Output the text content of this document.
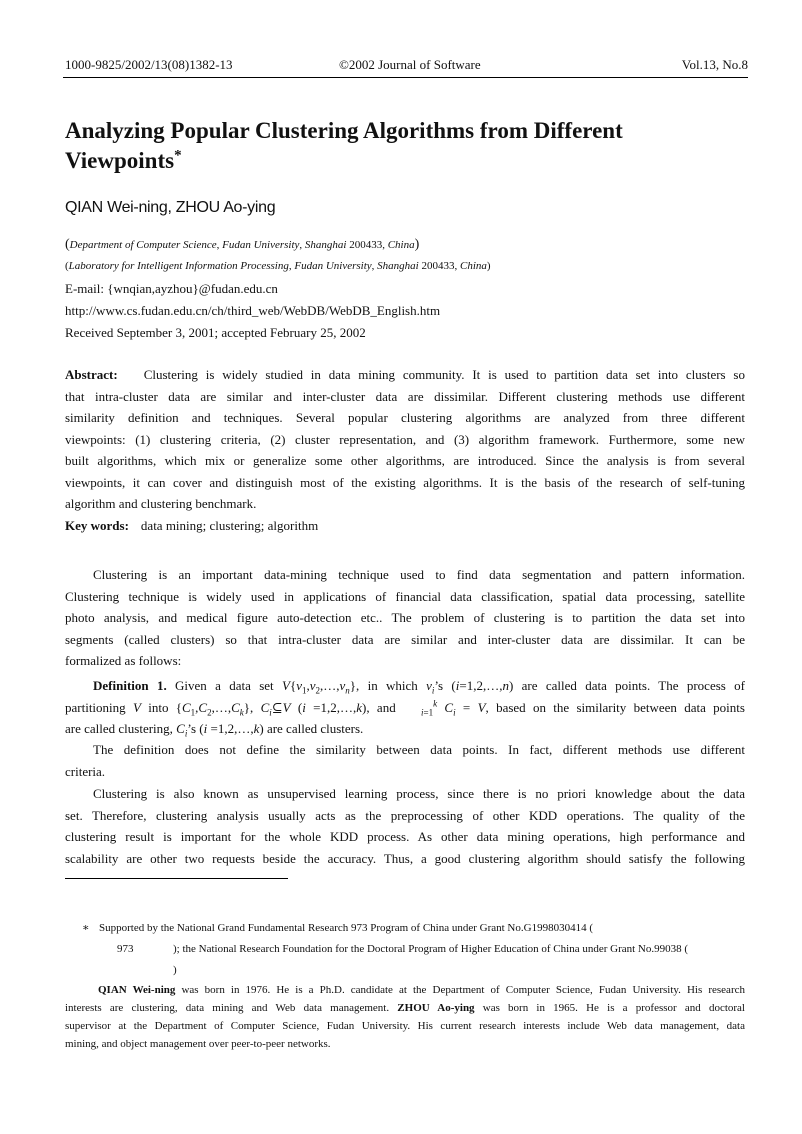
1000-9825/2002/13(08)1382-13	©2002 Journal of Software	Vol.13, No.8
Analyzing Popular Clustering Algorithms from Different
Viewpoints*
QIAN Wei-ning, ZHOU Ao-ying
(Department of Computer Science, Fudan University, Shanghai 200433, China)
(Laboratory for Intelligent Information Processing, Fudan University, Shanghai 200433, China)
E-mail: {wnqian,ayzhou}@fudan.edu.cn
http://www.cs.fudan.edu.cn/ch/third_web/WebDB/WebDB_English.htm
Received September 3, 2001; accepted February 25, 2002
Abstract: Clustering is widely studied in data mining community. It is used to partition data set into clusters so
that intra-cluster data are similar and inter-cluster data are dissimilar. Different clustering methods use different
similarity definition and techniques. Several popular clustering algorithms are analyzed from three different
viewpoints: (1) clustering criteria, (2) cluster representation, and (3) algorithm framework. Furthermore, some new
built algorithms, which mix or generalize some other algorithms, are introduced. Since the analysis is from several
viewpoints, it can cover and distinguish most of the existing algorithms. It is the basis of the research of self-tuning
algorithm and clustering benchmark.
Key words: data mining; clustering; algorithm
Clustering is an important data-mining technique used to find data segmentation and pattern information.
Clustering technique is widely used in applications of financial data classification, spatial data processing, satellite
photo analysis, and medical figure auto-detection etc.. The problem of clustering is to partition the data set into
segments (called clusters) so that intra-cluster data are similar and inter-cluster data are dissimilar. It can be
formalized as follows:
Definition 1. Given a data set $V\{v_1,v_2,\dots,v_n\}$, in which $v_i’s$ (i=1,2,…,n) are called data points. The process of
partitioning V into $\{C_1,C_2,\dots,C_k\}$, $C_i⊆V$ (i =1,2,…,k), and $_{i=1}^k$ $C_i = V$, based on the similarity between data points
are called clustering, $C_i’s$ (i =1,2,…,k) are called clusters.
The definition does not define the similarity between data points. In fact, different methods use different
criteria.
Clustering is also known as unsupervised learning process, since there is no priori knowledge about the data
set. Therefore, clustering analysis usually acts as the preprocessing of other KDD operations. The quality of the
clustering result is important for the whole KDD process. As other data mining operations, high performance and
scalability are other two requests beside the accuracy. Thus, a good clustering algorithm should satisfy the following
∗ Supported by the National Grand Fundamental Research 973 Program of China under Grant No.G1998030414 (
973	); the National Research Foundation for the Doctoral Program of Higher Education of China under Grant No.99038 (
)
QIAN Wei-ning was born in 1976. He is a Ph.D. candidate at the Department of Computer Science, Fudan University. His research
interests are clustering, data mining and Web data management. ZHOU Ao-ying was born in 1965. He is a professor and doctoral
supervisor at the Department of Computer Science, Fudan University. His current research interests include Web data management, data
mining, and object management over peer-to-peer networks.
